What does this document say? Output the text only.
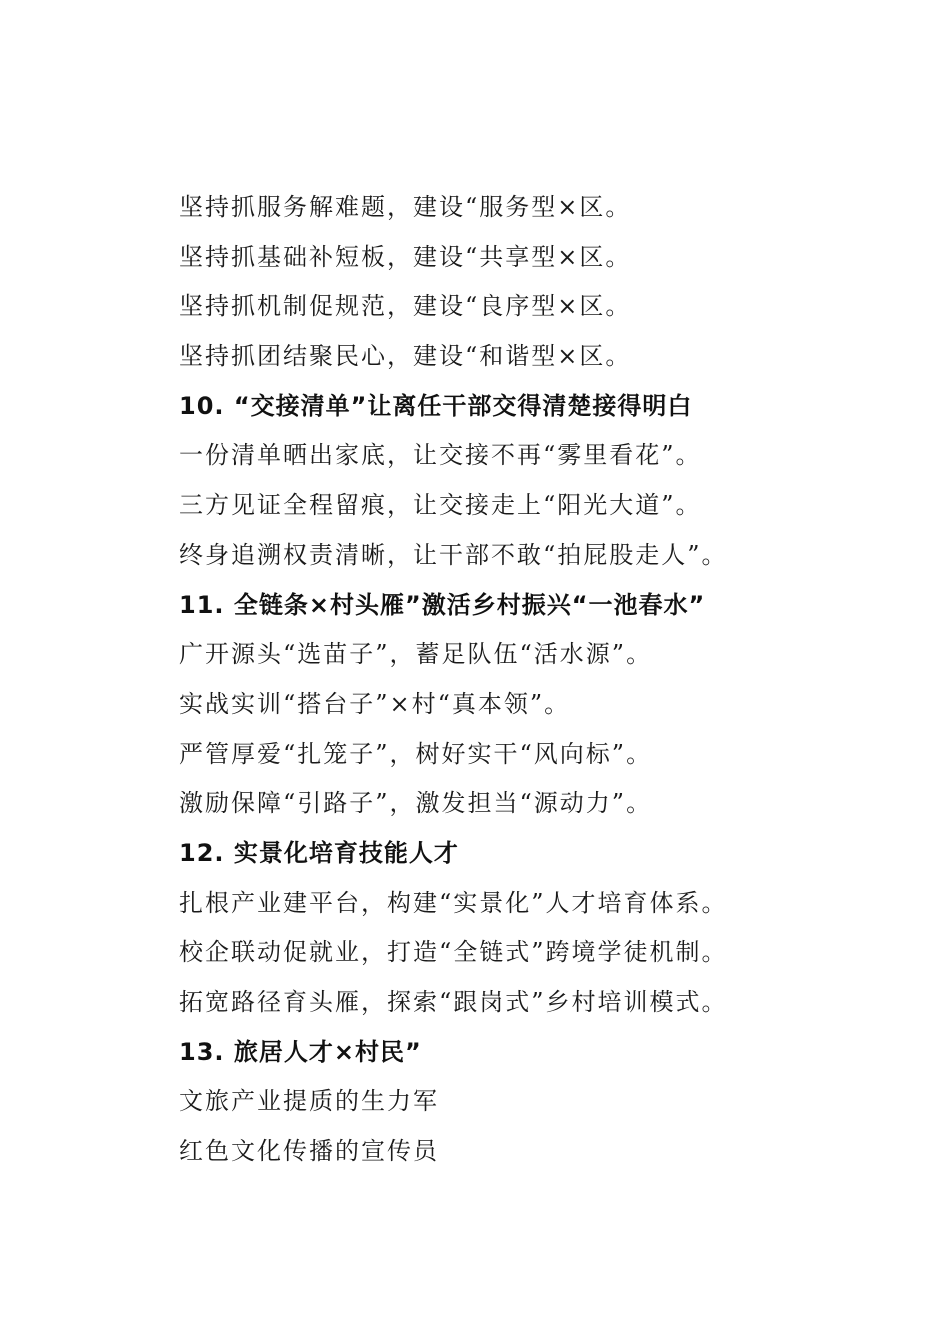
坚持抓服务解难题，建设“服务型×区。
坚持抓基础补短板，建设“共享型×区。
坚持抓机制促规范，建设“良序型×区。
坚持抓团结聚民心，建设“和谐型×区。
10. “交接清单”让离任干部交得清楚接得明白
一份清单晒出家底，让交接不再“雾里看花”。
三方见证全程留痕，让交接走上“阳光大道”。
终身追溯权责清晰，让干部不敢“拍屁股走人”。
11. 全链条×村头雁”激活乡村振兴“一池春水”
广开源头“选苗子”，蓄足队伍“活水源”。
实战实训“搭台子”×村“真本领”。
严管厚爱“扎笼子”，树好实干“风向标”。
激励保障“引路子”，激发担当“源动力”。
12. 实景化培育技能人才
扎根产业建平台，构建“实景化”人才培育体系。
校企联动促就业，打造“全链式”跨境学徒机制。
拓宽路径育头雁，探索“跟岗式”乡村培训模式。
13. 旅居人才×村民”
文旅产业提质的生力军
红色文化传播的宣传员
